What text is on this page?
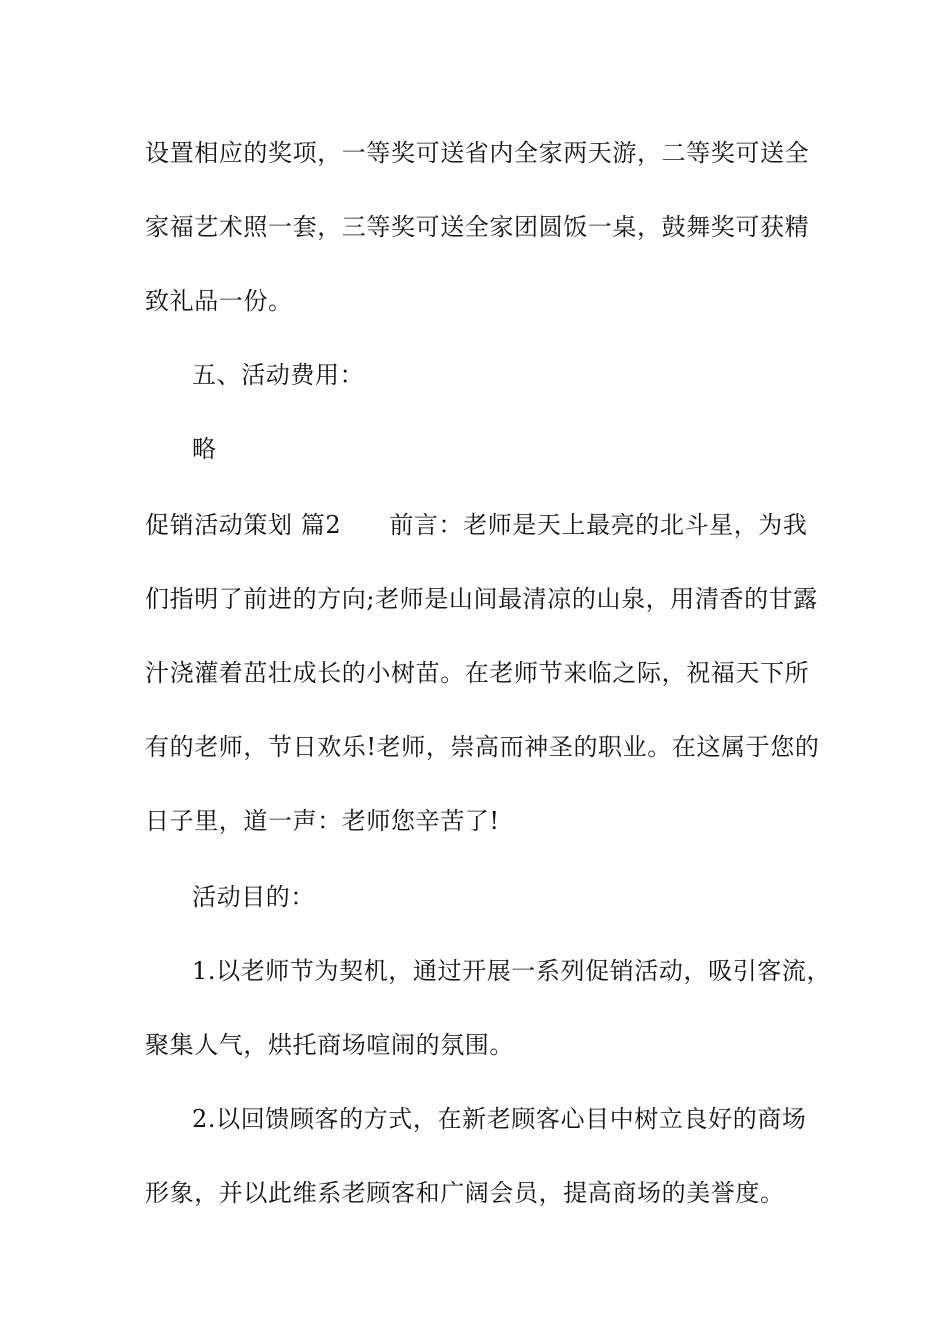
设置相应的奖项，一等奖可送省内全家两天游，二等奖可送全
家福艺术照一套，三等奖可送全家团圆饭一桌，鼓舞奖可获精
致礼品一份。
五、活动费用：
略
促销活动策划 篇2 前言：老师是天上最亮的北斗星，为我
们指明了前进的方向;老师是山间最清凉的山泉，用清香的甘露
汁浇灌着茁壮成长的小树苗。在老师节来临之际，祝福天下所
有的老师，节日欢乐!老师，崇高而神圣的职业。在这属于您的
日子里，道一声：老师您辛苦了!
活动目的：
1.以老师节为契机，通过开展一系列促销活动，吸引客流，
聚集人气，烘托商场喧闹的氛围。
2.以回馈顾客的方式，在新老顾客心目中树立良好的商场
形象，并以此维系老顾客和广阔会员，提高商场的美誉度。
